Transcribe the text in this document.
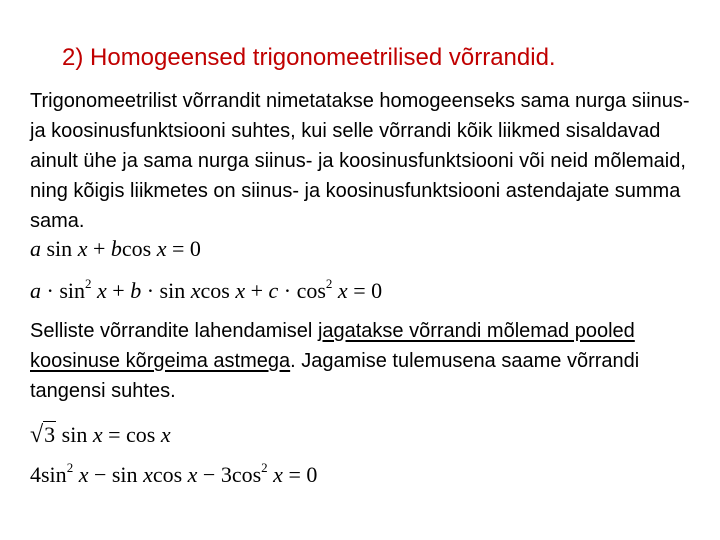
2) Homogeensed trigonomeetrilised võrrandid.

Trigonomeetrilist võrrandit nimetatakse homogeenseks sama nurga siinus- ja koosinusfunktsiooni suhtes, kui selle võrrandi kõik liikmed sisaldavad ainult ühe ja sama nurga siinus- ja koosinusfunktsiooni või neid mõlemaid, ning kõigis liikmetes on siinus- ja koosinusfunktsiooni astendajate summa sama.

a sin x + bcos x = 0
$a \cdot \sin^2 x + b \cdot \sin xcos$ $x + c \cdot \cos^2 x = 0$

Selliste võrrandite lahendamisel jagatakse võrrandi mõlemad pooled koosinuse kõrgeima astmega. Jagamise tulemusena saame võrrandi tangensi suhtes.

√3 sin x = cos x
$4\sin^2$ x − sin xcos $x - 3\cos^2$ x = 0
